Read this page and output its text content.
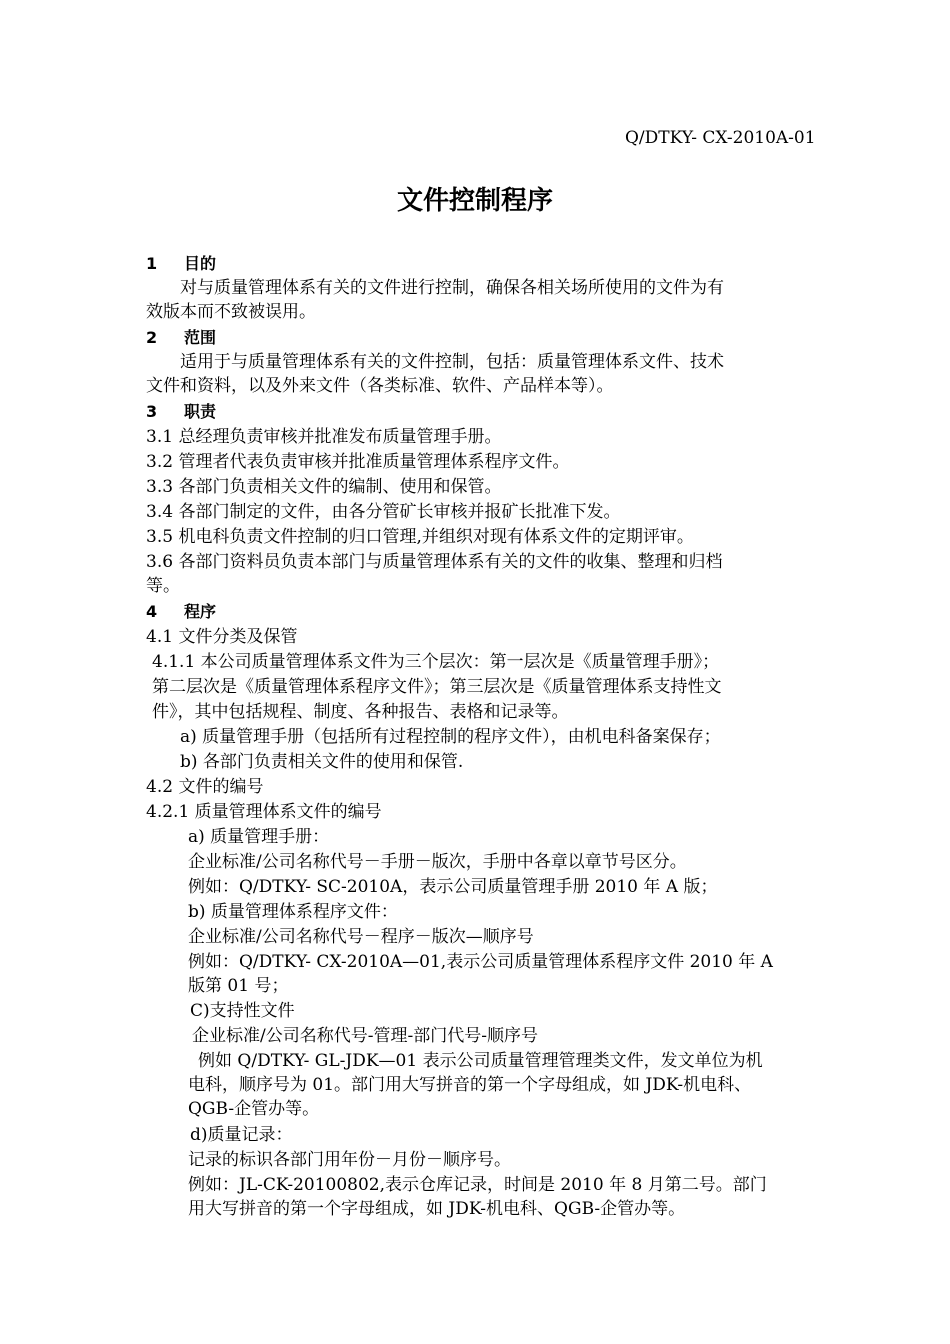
Q/DTKY- CX-2010A-01
文件控制程序
1 目的
对与质量管理体系有关的文件进行控制，确保各相关场所使用的文件为有
效版本而不致被误用。
2 范围
适用于与质量管理体系有关的文件控制，包括：质量管理体系文件、技术
文件和资料，以及外来文件（各类标准、软件、产品样本等）。
3 职责
3.1 总经理负责审核并批准发布质量管理手册。
3.2 管理者代表负责审核并批准质量管理体系程序文件。
3.3 各部门负责相关文件的编制、使用和保管。
3.4 各部门制定的文件，由各分管矿长审核并报矿长批准下发。
3.5 机电科负责文件控制的归口管理,并组织对现有体系文件的定期评审。
3.6 各部门资料员负责本部门与质量管理体系有关的文件的收集、整理和归档
等。
4 程序
4.1 文件分类及保管
4.1.1 本公司质量管理体系文件为三个层次：第一层次是《质量管理手册》；
第二层次是《质量管理体系程序文件》；第三层次是《质量管理体系支持性文
件》，其中包括规程、制度、各种报告、表格和记录等。
a) 质量管理手册（包括所有过程控制的程序文件），由机电科备案保存；
b) 各部门负责相关文件的使用和保管.
4.2 文件的编号
4.2.1 质量管理体系文件的编号
a) 质量管理手册：
企业标准/公司名称代号－手册－版次，手册中各章以章节号区分。
例如：Q/DTKY- SC-2010A，表示公司质量管理手册 2010 年 A 版；
b) 质量管理体系程序文件：
企业标准/公司名称代号－程序－版次—顺序号
例如：Q/DTKY- CX-2010A—01,表示公司质量管理体系程序文件 2010 年 A
版第 01 号；
C)支持性文件
企业标准/公司名称代号-管理-部门代号-顺序号
例如 Q/DTKY- GL-JDK—01 表示公司质量管理管理类文件，发文单位为机
电科，顺序号为 01。部门用大写拼音的第一个字母组成，如 JDK-机电科、
QGB-企管办等。
d)质量记录：
记录的标识各部门用年份－月份－顺序号。
例如：JL-CK-20100802,表示仓库记录，时间是 2010 年 8 月第二号。部门
用大写拼音的第一个字母组成，如 JDK-机电科、QGB-企管办等。
